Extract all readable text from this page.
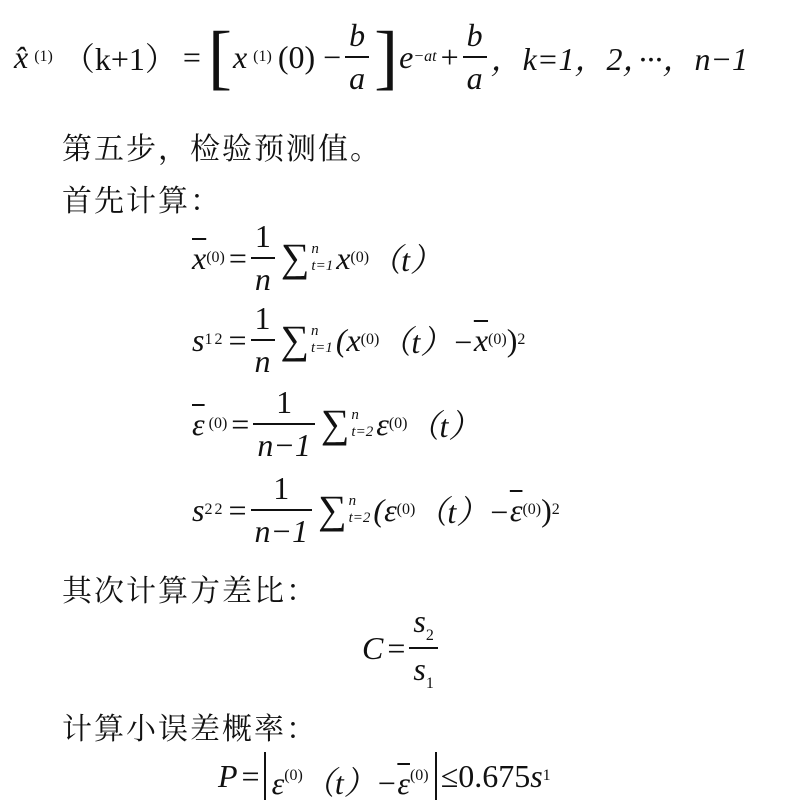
x̂ (1) （k+1） = [ x (1) $(0) - \frac{b}{a}$ ] $e -at + \frac{b}{a}$ ，k=1，2，···，n−1
第五步，检验预测值。
首先计算：
$\overline{x}$ $(0) = \frac{1}{n}$ ∑ n
t=1 x (0) （t）
s 1 $2 = \frac{1}{n}$ ∑ n
t=1 (x (0) $(t)- \overline{x}$ (0) ) 2
$\overline{\varepsilon}$ $(0) = \frac{1}{n-1}$ ∑ n
t=2 ε (0) （t）
s 2 $2 = \frac{1}{n-1}$ ∑ n
t=2 (ε (0) $(t)- \overline{\varepsilon}$ (0) ) 2
其次计算方差比：
$C = \frac{s_2}{s_1}$
计算小误差概率：
$P = \varepsilon^{(0)}(t)-\overline{\varepsilon}^{(0)} \le 0.675$ s 1
